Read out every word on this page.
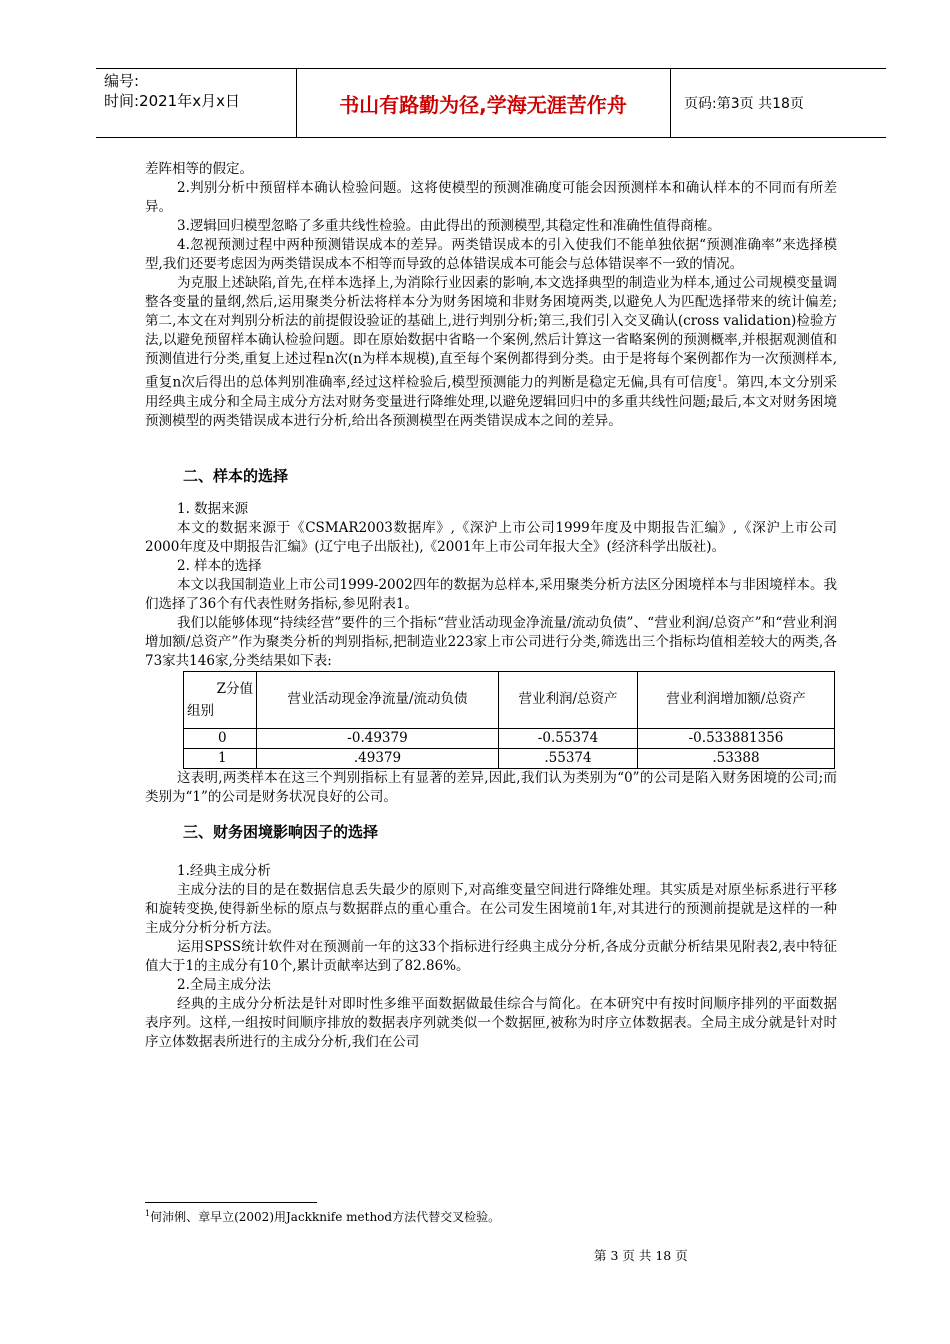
编号:
时间:2021年x月x日	书山有路勤为径,学海无涯苦作舟	页码:第3页 共18页

差阵相等的假定。

2.判别分析中预留样本确认检验问题。这将使模型的预测准确度可能会因预测样本和确认样本的不同而有所差异。

3.逻辑回归模型忽略了多重共线性检验。由此得出的预测模型,其稳定性和准确性值得商榷。

4.忽视预测过程中两种预测错误成本的差异。两类错误成本的引入使我们不能单独依据“预测准确率”来选择模型,我们还要考虑因为两类错误成本不相等而导致的总体错误成本可能会与总体错误率不一致的情况。

为克服上述缺陷,首先,在样本选择上,为消除行业因素的影响,本文选择典型的制造业为样本,通过公司规模变量调整各变量的量纲,然后,运用聚类分析法将样本分为财务困境和非财务困境两类,以避免人为匹配选择带来的统计偏差;第二,本文在对判别分析法的前提假设验证的基础上,进行判别分析;第三,我们引入交叉确认(cross validation)检验方法,以避免预留样本确认检验问题。即在原始数据中省略一个案例,然后计算这一省略案例的预测概率,并根据观测值和预测值进行分类,重复上述过程n次(n为样本规模),直至每个案例都得到分类。由于是将每个案例都作为一次预测样本,重复n次后得出的总体判别准确率,经过这样检验后,模型预测能力的判断是稳定无偏,具有可信度$^1$。第四,本文分别采用经典主成分和全局主成分方法对财务变量进行降维处理,以避免逻辑回归中的多重共线性问题;最后,本文对财务困境预测模型的两类错误成本进行分析,给出各预测模型在两类错误成本之间的差异。

二、样本的选择

1. 数据来源

本文的数据来源于《CSMAR2003数据库》,《深沪上市公司1999年度及中期报告汇编》,《深沪上市公司2000年度及中期报告汇编》(辽宁电子出版社),《2001年上市公司年报大全》(经济科学出版社)。

2. 样本的选择

本文以我国制造业上市公司1999-2002四年的数据为总样本,采用聚类分析方法区分困境样本与非困境样本。我们选择了36个有代表性财务指标,参见附表1。

我们以能够体现“持续经营”要件的三个指标“营业活动现金净流量/流动负债”、“营业利润/总资产”和“营业利润增加额/总资产”作为聚类分析的判别指标,把制造业223家上市公司进行分类,筛选出三个指标均值相差较大的两类,各73家共146家,分类结果如下表:

Z分值
组别	营业活动现金净流量/流动负债	营业利润/总资产	营业利润增加额/总资产
0	-0.49379	-0.55374	-0.533881356
1	.49379	.55374	.53388

这表明,两类样本在这三个判别指标上有显著的差异,因此,我们认为类别为“0”的公司是陷入财务困境的公司;而类别为“1”的公司是财务状况良好的公司。

三、财务困境影响因子的选择

1.经典主成分析

主成分法的目的是在数据信息丢失最少的原则下,对高维变量空间进行降维处理。其实质是对原坐标系进行平移和旋转变换,使得新坐标的原点与数据群点的重心重合。在公司发生困境前1年,对其进行的预测前提就是这样的一种主成分分析分析方法。

运用SPSS统计软件对在预测前一年的这33个指标进行经典主成分分析,各成分贡献分析结果见附表2,表中特征值大于1的主成分有10个,累计贡献率达到了82.86%。

2.全局主成分法

经典的主成分分析法是针对即时性多维平面数据做最佳综合与简化。在本研究中有按时间顺序排列的平面数据表序列。这样,一组按时间顺序排放的数据表序列就类似一个数据匣,被称为时序立体数据表。全局主成分就是针对时序立体数据表所进行的主成分分析,我们在公司

$^1$何沛俐、章早立(2002)用Jackknife method方法代替交叉检验。
第 3 页 共 18 页
